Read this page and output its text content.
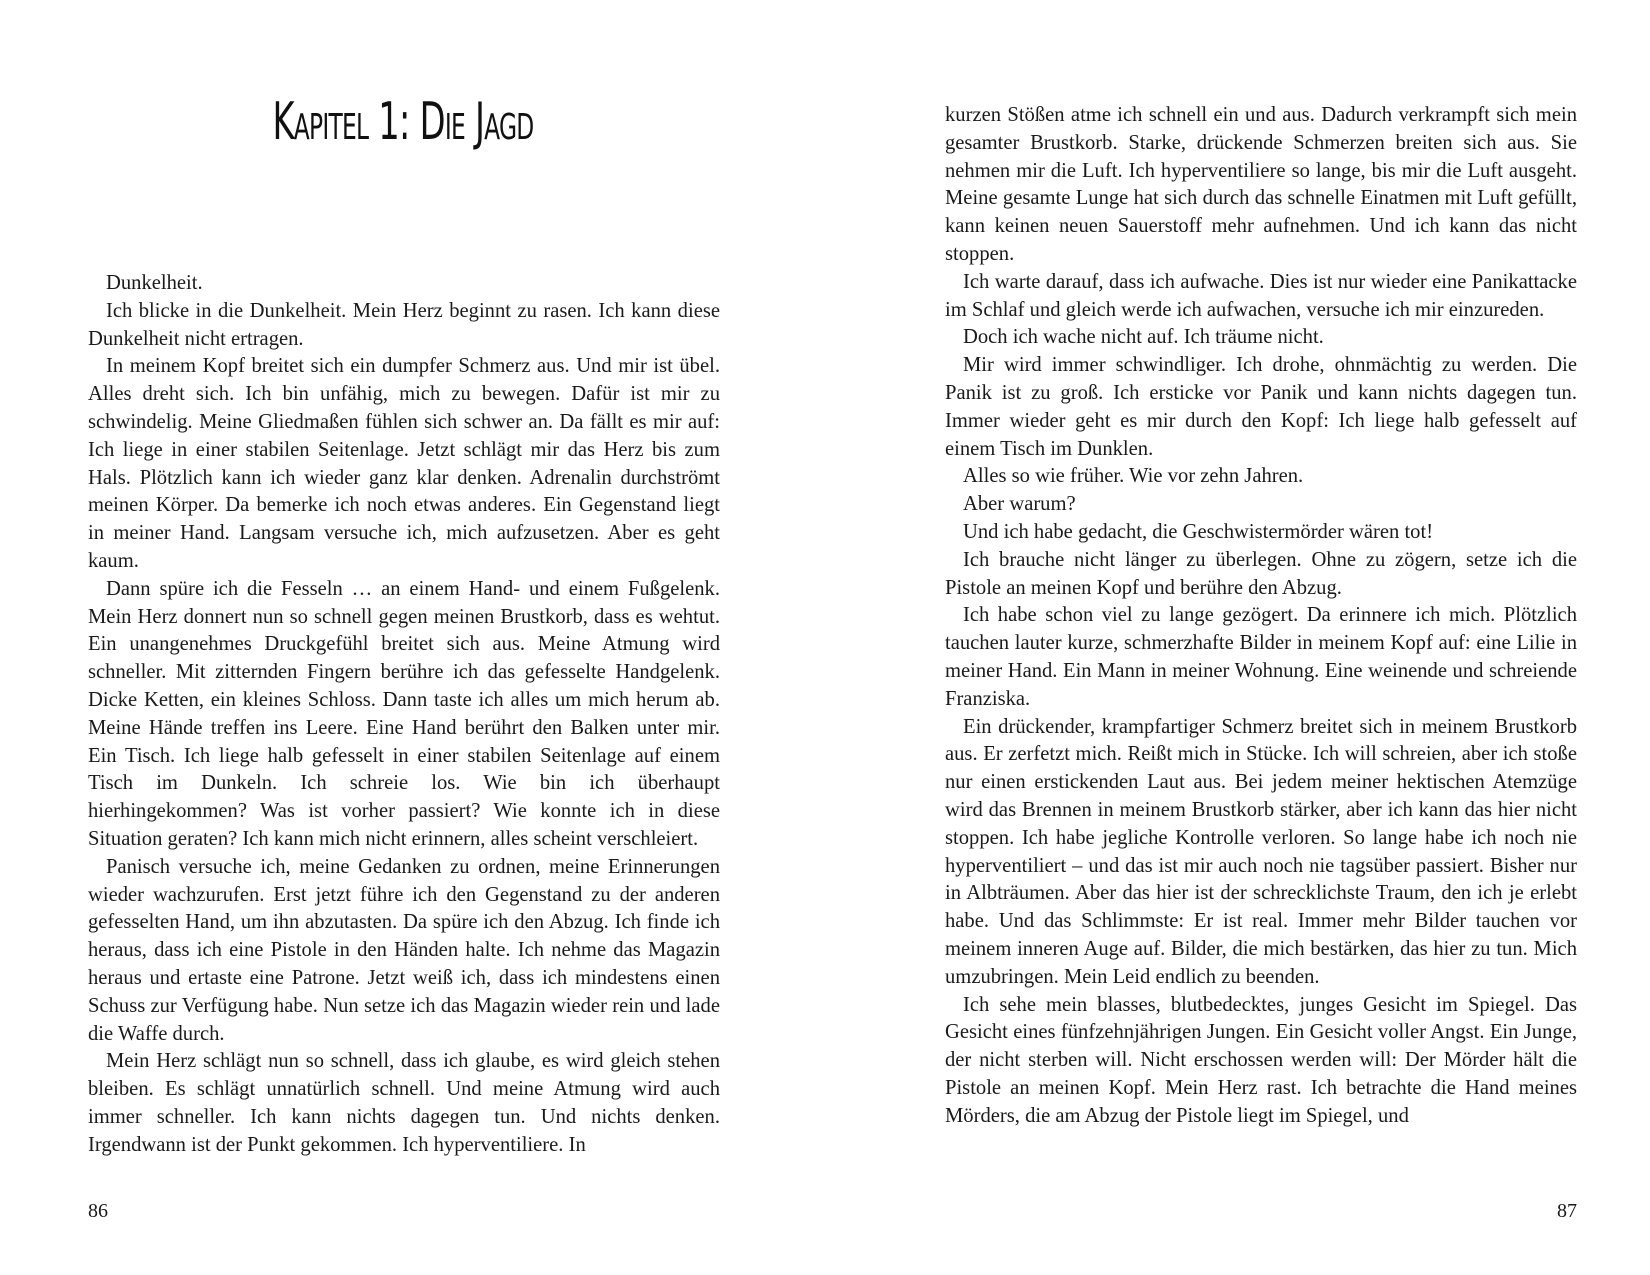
Kapitel 1: Die Jagd

Dunkelheit.

Ich blicke in die Dunkelheit. Mein Herz beginnt zu rasen. Ich kann diese Dunkelheit nicht ertragen.

In meinem Kopf breitet sich ein dumpfer Schmerz aus. Und mir ist übel. Alles dreht sich. Ich bin unfähig, mich zu bewegen. Dafür ist mir zu schwindelig. Meine Gliedmaßen fühlen sich schwer an. Da fällt es mir auf: Ich liege in einer stabilen Seitenlage. Jetzt schlägt mir das Herz bis zum Hals. Plötzlich kann ich wieder ganz klar denken. Adrenalin durchströmt meinen Körper. Da bemerke ich noch etwas anderes. Ein Gegenstand liegt in meiner Hand. Langsam versuche ich, mich aufzusetzen. Aber es geht kaum.

Dann spüre ich die Fesseln … an einem Hand- und einem Fußgelenk. Mein Herz donnert nun so schnell gegen meinen Brustkorb, dass es wehtut. Ein unangenehmes Druckgefühl breitet sich aus. Meine Atmung wird schneller. Mit zitternden Fingern berühre ich das gefesselte Handgelenk. Dicke Ketten, ein kleines Schloss. Dann taste ich alles um mich herum ab. Meine Hände treffen ins Leere. Eine Hand berührt den Balken unter mir. Ein Tisch. Ich liege halb gefesselt in einer stabilen Seitenlage auf einem Tisch im Dunkeln. Ich schreie los. Wie bin ich überhaupt hierhingekommen? Was ist vorher passiert? Wie konnte ich in diese Situation geraten? Ich kann mich nicht erinnern, alles scheint verschleiert.

Panisch versuche ich, meine Gedanken zu ordnen, meine Erinnerungen wieder wachzurufen. Erst jetzt führe ich den Gegenstand zu der anderen gefesselten Hand, um ihn abzutasten. Da spüre ich den Abzug. Ich finde ich heraus, dass ich eine Pistole in den Händen halte. Ich nehme das Magazin heraus und ertaste eine Patrone. Jetzt weiß ich, dass ich mindestens einen Schuss zur Verfügung habe. Nun setze ich das Magazin wieder rein und lade die Waffe durch.

Mein Herz schlägt nun so schnell, dass ich glaube, es wird gleich stehen bleiben. Es schlägt unnatürlich schnell. Und meine Atmung wird auch immer schneller. Ich kann nichts dagegen tun. Und nichts denken. Irgendwann ist der Punkt gekommen. Ich hyperventiliere. In

86

kurzen Stößen atme ich schnell ein und aus. Dadurch verkrampft sich mein gesamter Brustkorb. Starke, drückende Schmerzen breiten sich aus. Sie nehmen mir die Luft. Ich hyperventiliere so lange, bis mir die Luft ausgeht. Meine gesamte Lunge hat sich durch das schnelle Einatmen mit Luft gefüllt, kann keinen neuen Sauerstoff mehr aufnehmen. Und ich kann das nicht stoppen.

Ich warte darauf, dass ich aufwache. Dies ist nur wieder eine Panikattacke im Schlaf und gleich werde ich aufwachen, versuche ich mir einzureden.

Doch ich wache nicht auf. Ich träume nicht.

Mir wird immer schwindliger. Ich drohe, ohnmächtig zu werden. Die Panik ist zu groß. Ich ersticke vor Panik und kann nichts dagegen tun. Immer wieder geht es mir durch den Kopf: Ich liege halb gefesselt auf einem Tisch im Dunklen.

Alles so wie früher. Wie vor zehn Jahren.

Aber warum?

Und ich habe gedacht, die Geschwistermörder wären tot!

Ich brauche nicht länger zu überlegen. Ohne zu zögern, setze ich die Pistole an meinen Kopf und berühre den Abzug.

Ich habe schon viel zu lange gezögert. Da erinnere ich mich. Plötzlich tauchen lauter kurze, schmerzhafte Bilder in meinem Kopf auf: eine Lilie in meiner Hand. Ein Mann in meiner Wohnung. Eine weinende und schreiende Franziska.

Ein drückender, krampfartiger Schmerz breitet sich in meinem Brustkorb aus. Er zerfetzt mich. Reißt mich in Stücke. Ich will schreien, aber ich stoße nur einen erstickenden Laut aus. Bei jedem meiner hektischen Atemzüge wird das Brennen in meinem Brustkorb stärker, aber ich kann das hier nicht stoppen. Ich habe jegliche Kontrolle verloren. So lange habe ich noch nie hyperventiliert – und das ist mir auch noch nie tagsüber passiert. Bisher nur in Albträumen. Aber das hier ist der schrecklichste Traum, den ich je erlebt habe. Und das Schlimmste: Er ist real. Immer mehr Bilder tauchen vor meinem inneren Auge auf. Bilder, die mich bestärken, das hier zu tun. Mich umzubringen. Mein Leid endlich zu beenden.

Ich sehe mein blasses, blutbedecktes, junges Gesicht im Spiegel. Das Gesicht eines fünfzehnjährigen Jungen. Ein Gesicht voller Angst. Ein Junge, der nicht sterben will. Nicht erschossen werden will: Der Mörder hält die Pistole an meinen Kopf. Mein Herz rast. Ich betrachte die Hand meines Mörders, die am Abzug der Pistole liegt im Spiegel, und

87
